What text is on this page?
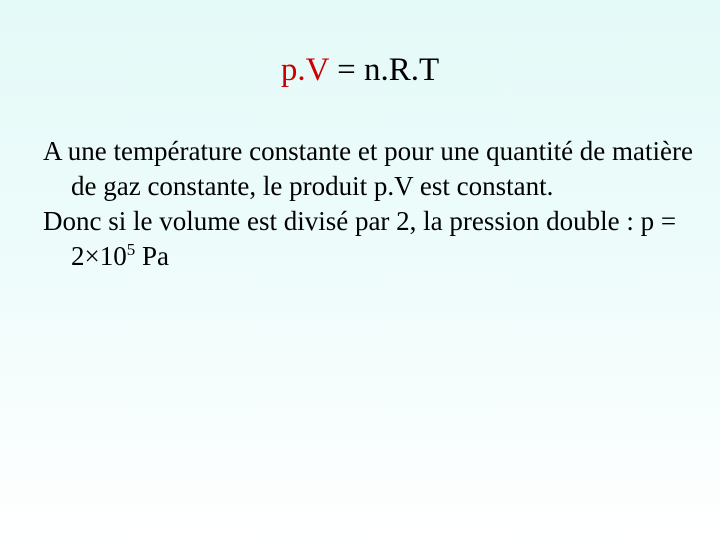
p.V = n.R.T

A une température constante et pour une quantité de matière de gaz constante, le produit p.V est constant.

Donc si le volume est divisé par 2, la pression double : $p = 2\times 10^5$ Pa
